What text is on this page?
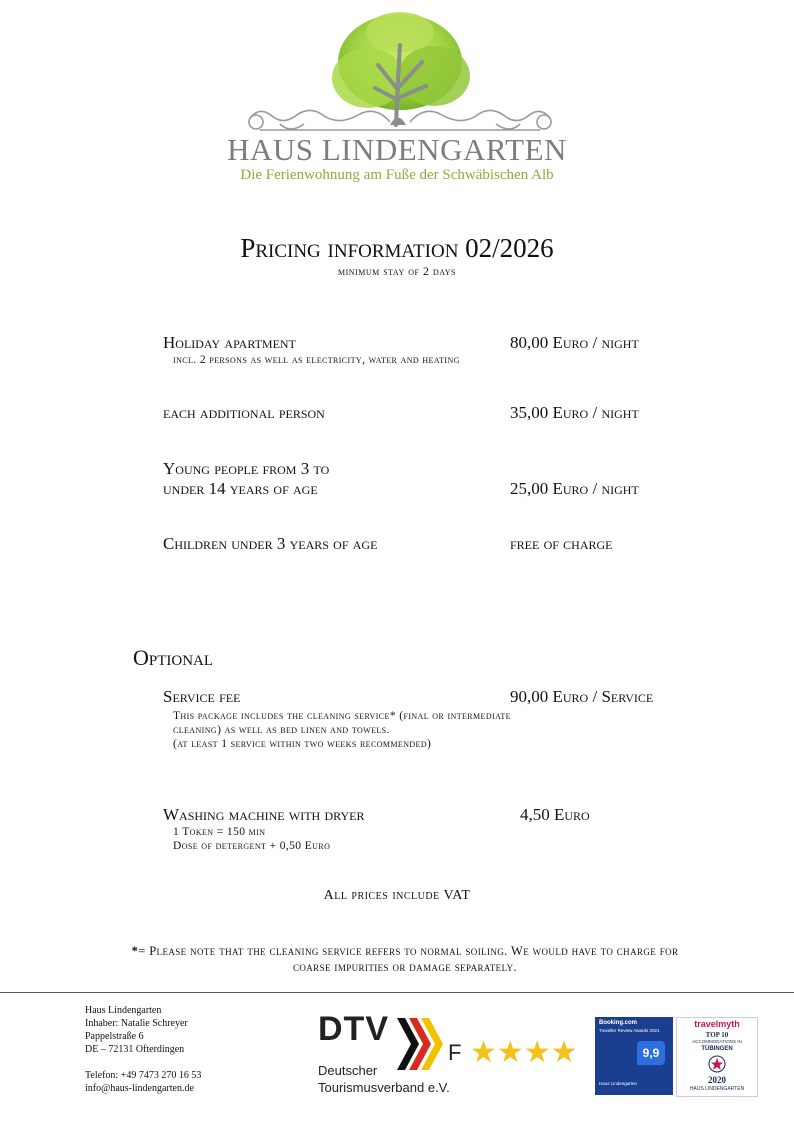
HAUS LINDENGARTEN
Die Ferienwohnung am Fuße der Schwäbischen Alb
Pricing information 02/2026
minimum stay of 2 days
Holiday apartment	80,00 Euro / night
incl. 2 persons as well as electricity, water and heating
each additional person	35,00 Euro / night
Young people from 3 to
under 14 years of age	25,00 Euro / night
Children under 3 years of age	free of charge
Optional
Service fee	90,00 Euro / Service
This package includes the cleaning service* (final or intermediate
cleaning) as well as bed linen and towels.
(at least 1 service within two weeks recommended)
Washing machine with dryer	4,50 Euro
1 Token = 150 min
Dose of detergent + 0,50 Euro
All prices include VAT
*= Please note that the cleaning service refers to normal soiling. We would have to charge for
coarse impurities or damage separately.
Haus Lindengarten
Inhaber: Natalie Schreyer
Pappelstraße 6
DE – 72131 Ofterdingen
Telefon: +49 7473 270 16 53
info@haus-lindengarten.de
DTV
Deutscher
Tourismusverband e.V.
F ★★★★
Booking.com
Traveller Review Awards 2021
9,9
Haus Lindengarten
travelmyth
TOP 10
ACCOMMODATIONS IN
TÜBINGEN
2020
HAUS LINDENGARTEN
